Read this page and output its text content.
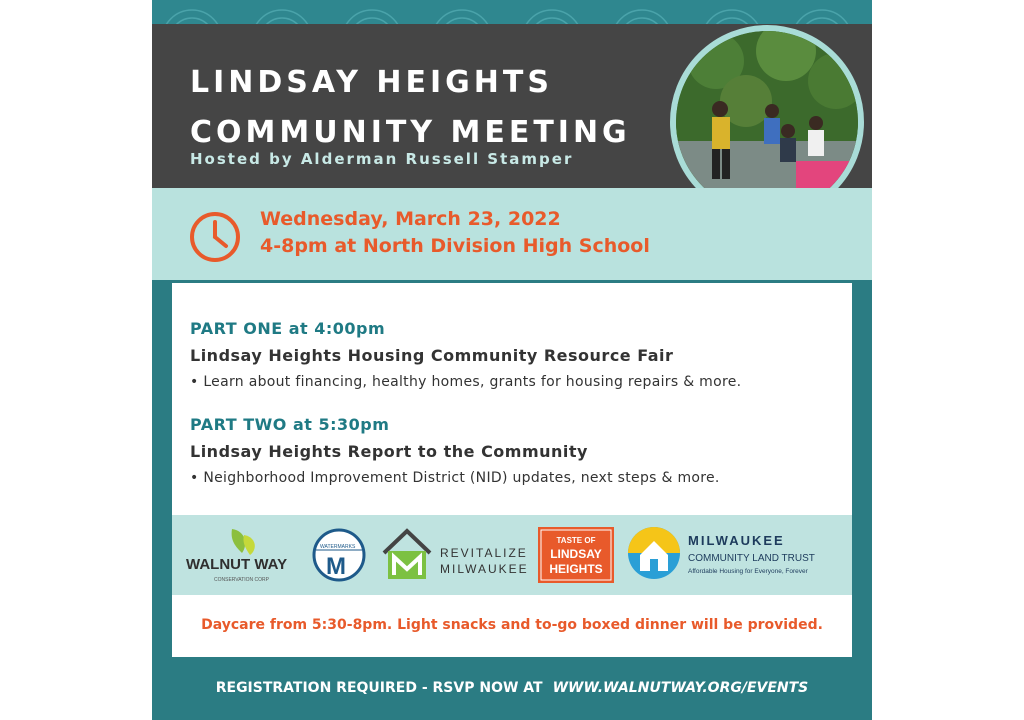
LINDSAY HEIGHTS
COMMUNITY MEETING

Hosted by Alderman Russell Stamper

Wednesday, March 23, 2022

4-8pm at North Division High School

PART ONE at 4:00pm

Lindsay Heights Housing Community Resource Fair

• Learn about financing, healthy homes, grants for housing repairs & more.

PART TWO at 5:30pm

Lindsay Heights Report to the Community

• Neighborhood Improvement District (NID) updates, next steps & more.

WALNUT WAY
CONSERVATION CORP
WATERMARKS
M	REVITALIZE
MILWAUKEE
TASTE OF
LINDSAY
HEIGHTS
MILWAUKEE
COMMUNITY LAND TRUST
Affordable Housing for Everyone, Forever

Daycare from 5:30-8pm. Light snacks and to-go boxed dinner will be provided.

REGISTRATION REQUIRED - RSVP NOW AT WWW.WALNUTWAY.ORG/EVENTS
